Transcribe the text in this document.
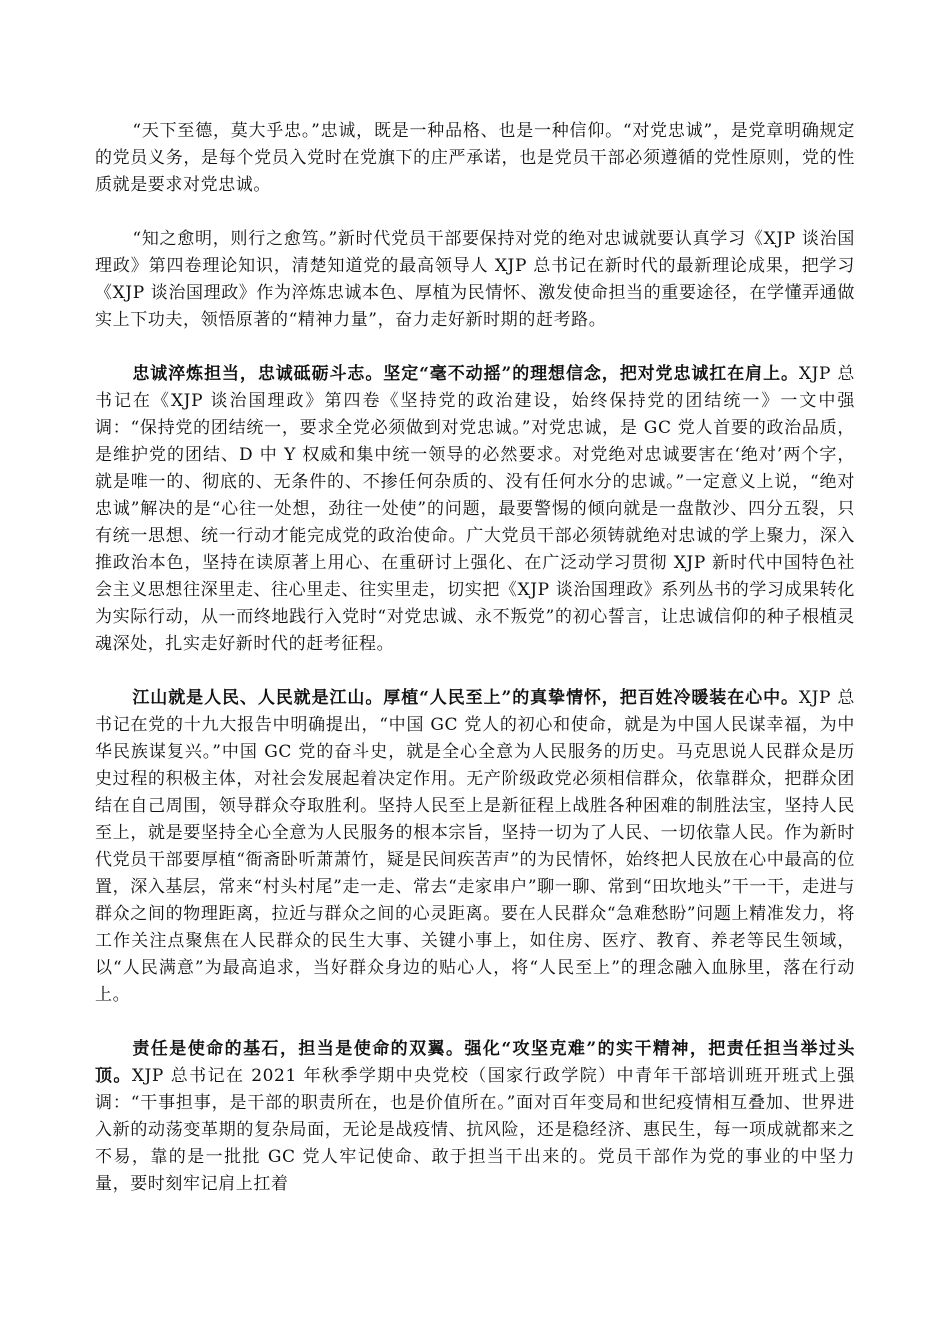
“天下至德，莫大乎忠。”忠诚，既是一种品格、也是一种信仰。“对党忠诚”，是党章明确规定的党员义务，是每个党员入党时在党旗下的庄严承诺，也是党员干部必须遵循的党性原则，党的性质就是要求对党忠诚。

“知之愈明，则行之愈笃。”新时代党员干部要保持对党的绝对忠诚就要认真学习《XJP 谈治国理政》第四卷理论知识，清楚知道党的最高领导人 XJP 总书记在新时代的最新理论成果，把学习《XJP 谈治国理政》作为淬炼忠诚本色、厚植为民情怀、激发使命担当的重要途径，在学懂弄通做实上下功夫，领悟原著的“精神力量”，奋力走好新时期的赶考路。

忠诚淬炼担当，忠诚砥砺斗志。坚定“毫不动摇”的理想信念，把对党忠诚扛在肩上。XJP 总书记在《XJP 谈治国理政》第四卷《坚持党的政治建设，始终保持党的团结统一》一文中强调：“保持党的团结统一，要求全党必须做到对党忠诚。”对党忠诚，是 GC 党人首要的政治品质，是维护党的团结、D 中 Y 权威和集中统一领导的必然要求。对党绝对忠诚要害在‘绝对’两个字，就是唯一的、彻底的、无条件的、不掺任何杂质的、没有任何水分的忠诚。”一定意义上说，“绝对忠诚”解决的是“心往一处想，劲往一处使”的问题，最要警惕的倾向就是一盘散沙、四分五裂，只有统一思想、统一行动才能完成党的政治使命。广大党员干部必须铸就绝对忠诚的学上聚力，深入推政治本色，坚持在读原著上用心、在重研讨上强化、在广泛动学习贯彻 XJP 新时代中国特色社会主义思想往深里走、往心里走、往实里走，切实把《XJP 谈治国理政》系列丛书的学习成果转化为实际行动，从一而终地践行入党时“对党忠诚、永不叛党”的初心誓言，让忠诚信仰的种子根植灵魂深处，扎实走好新时代的赶考征程。

江山就是人民、人民就是江山。厚植“人民至上”的真挚情怀，把百姓冷暖装在心中。XJP 总书记在党的十九大报告中明确提出，“中国 GC 党人的初心和使命，就是为中国人民谋幸福，为中华民族谋复兴。”中国 GC 党的奋斗史，就是全心全意为人民服务的历史。马克思说人民群众是历史过程的积极主体，对社会发展起着决定作用。无产阶级政党必须相信群众，依靠群众，把群众团结在自己周围，领导群众夺取胜利。坚持人民至上是新征程上战胜各种困难的制胜法宝，坚持人民至上，就是要坚持全心全意为人民服务的根本宗旨，坚持一切为了人民、一切依靠人民。作为新时代党员干部要厚植“衙斋卧听萧萧竹，疑是民间疾苦声”的为民情怀，始终把人民放在心中最高的位置，深入基层，常来“村头村尾”走一走、常去“走家串户”聊一聊、常到“田坎地头”干一干，走进与群众之间的物理距离，拉近与群众之间的心灵距离。要在人民群众“急难愁盼”问题上精准发力，将工作关注点聚焦在人民群众的民生大事、关键小事上，如住房、医疗、教育、养老等民生领域，以“人民满意”为最高追求，当好群众身边的贴心人，将“人民至上”的理念融入血脉里，落在行动上。

责任是使命的基石，担当是使命的双翼。强化“攻坚克难”的实干精神，把责任担当举过头顶。XJP 总书记在 2021 年秋季学期中央党校（国家行政学院）中青年干部培训班开班式上强调：“干事担事，是干部的职责所在，也是价值所在。”面对百年变局和世纪疫情相互叠加、世界进入新的动荡变革期的复杂局面，无论是战疫情、抗风险，还是稳经济、惠民生，每一项成就都来之不易，靠的是一批批 GC 党人牢记使命、敢于担当干出来的。党员干部作为党的事业的中坚力量，要时刻牢记肩上扛着
